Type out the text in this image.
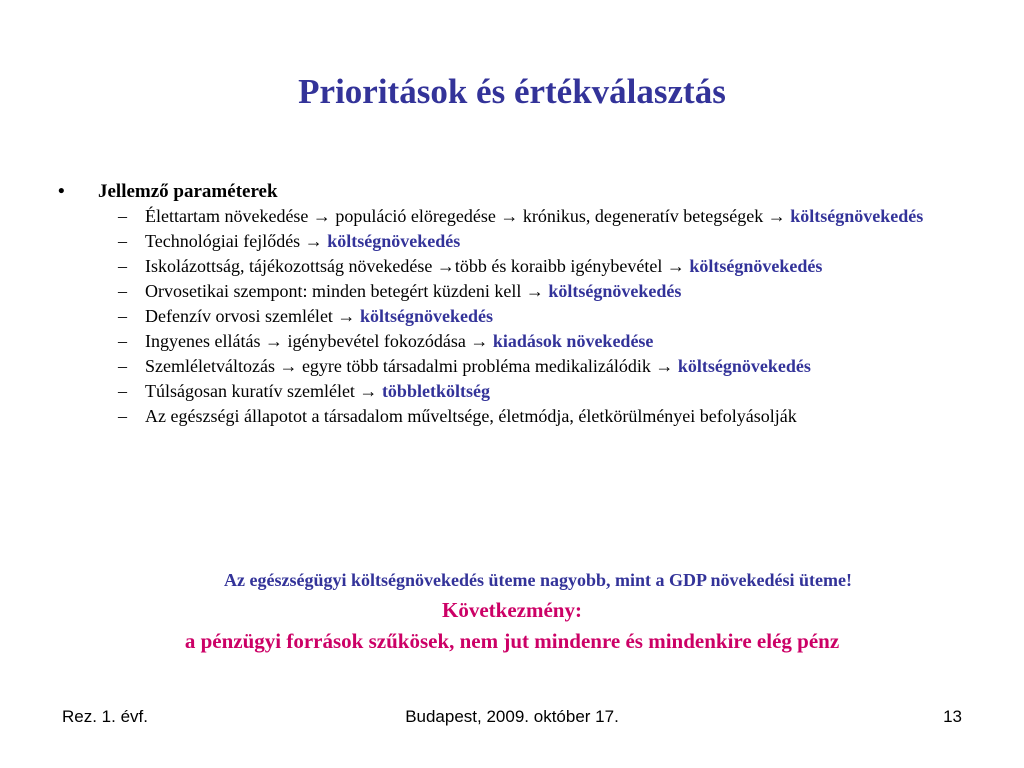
Prioritások és értékválasztás
•	Jellemző paraméterek
–	Élettartam növekedése → populáció elöregedése → krónikus, degeneratív betegségek → költségnövekedés
–	Technológiai fejlődés → költségnövekedés
–	Iskolázottság, tájékozottság növekedése →több és koraibb igénybevétel → költségnövekedés
–	Orvosetikai szempont: minden betegért küzdeni kell → költségnövekedés
–	Defenzív orvosi szemlélet → költségnövekedés
–	Ingyenes ellátás → igénybevétel fokozódása → kiadások növekedése
–	Szemléletváltozás → egyre több társadalmi probléma medikalizálódik → költségnövekedés
–	Túlságosan kuratív szemlélet → többletköltség
–	Az egészségi állapotot a társadalom műveltsége, életmódja, életkörülményei befolyásolják
Az egészségügyi költségnövekedés üteme nagyobb, mint a GDP növekedési üteme!
Következmény:
a pénzügyi források szűkösek, nem jut mindenre és mindenkire elég pénz
Rez. 1. évf.	Budapest, 2009. október 17.	13
